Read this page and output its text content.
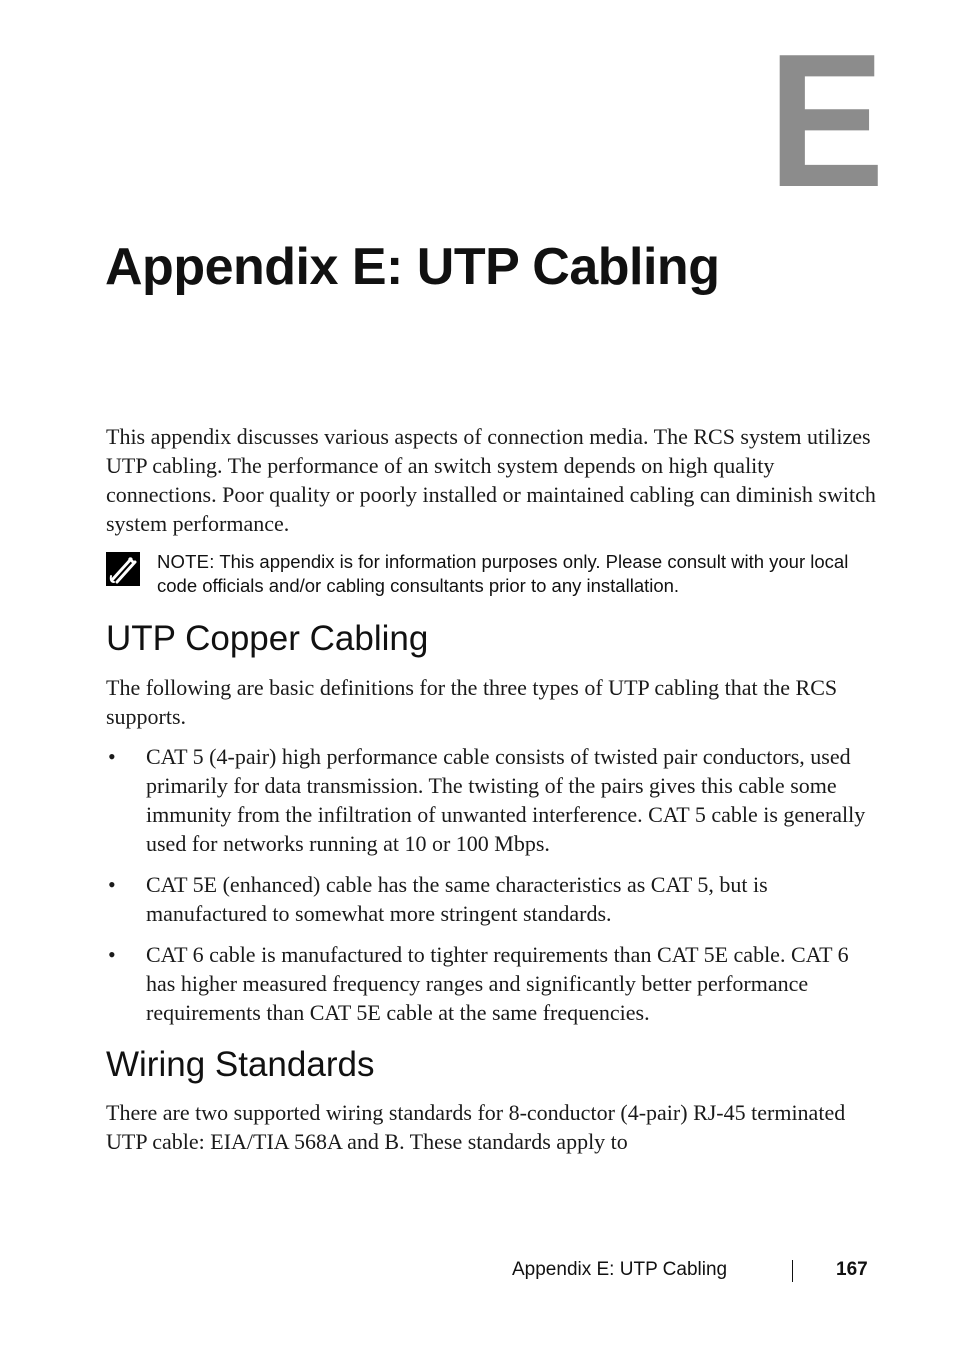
E
Appendix E: UTP Cabling

This appendix discusses various aspects of connection media. The RCS system utilizes UTP cabling. The performance of an switch system depends on high quality connections. Poor quality or poorly installed or maintained cabling can diminish switch system performance.

NOTE: This appendix is for information purposes only. Please consult with your local code officials and/or cabling consultants prior to any installation.

UTP Copper Cabling

The following are basic definitions for the three types of UTP cabling that the RCS supports.

• CAT 5 (4-pair) high performance cable consists of twisted pair conductors, used primarily for data transmission. The twisting of the pairs gives this cable some immunity from the infiltration of unwanted interference. CAT 5 cable is generally used for networks running at 10 or 100 Mbps.
• CAT 5E (enhanced) cable has the same characteristics as CAT 5, but is manufactured to somewhat more stringent standards.
• CAT 6 cable is manufactured to tighter requirements than CAT 5E cable. CAT 6 has higher measured frequency ranges and significantly better performance requirements than CAT 5E cable at the same frequencies.
Wiring Standards

There are two supported wiring standards for 8-conductor (4-pair) RJ-45 terminated UTP cable: EIA/TIA 568A and B. These standards apply to

Appendix E: UTP Cabling	167
